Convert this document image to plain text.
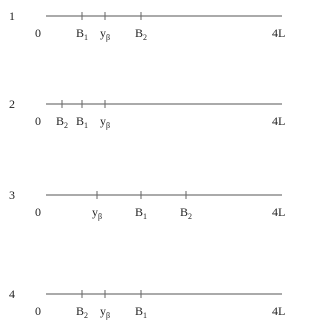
1
0	4L
$B_1$ $y_\beta$ $B_2$
2
0	4L
$B_2$ $B_1$ $y_\beta$
3
0	4L
$y_\beta$	$B_1$	$B_2$
4
0	4L
$B_2$ $y_\beta$ $B_1$
